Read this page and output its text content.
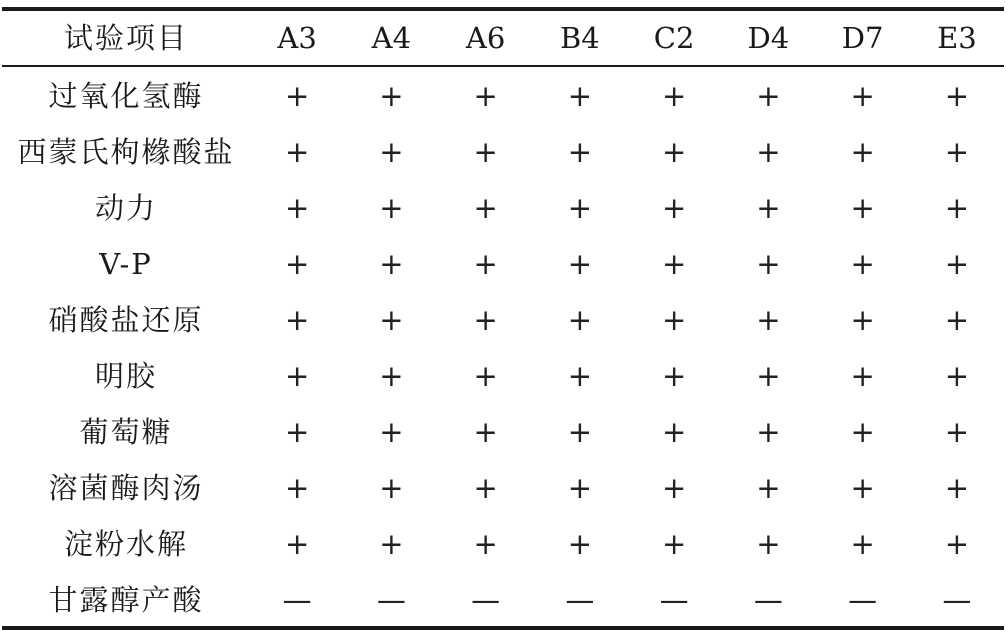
试验项目	A3	A4	A6	B4	C2	D4	D7	E3

过氧化氢酶	+	+	+	+	+	+	+	+
西蒙氏枸橼酸盐	+	+	+	+	+	+	+	+
动力	+	+	+	+	+	+	+	+
V-P	+	+	+	+	+	+	+	+
硝酸盐还原	+	+	+	+	+	+	+	+
明胶	+	+	+	+	+	+	+	+
葡萄糖	+	+	+	+	+	+	+	+
溶菌酶肉汤	+	+	+	+	+	+	+	+
淀粉水解	+	+	+	+	+	+	+	+
甘露醇产酸	—	—	—	—	—	—	—	—
